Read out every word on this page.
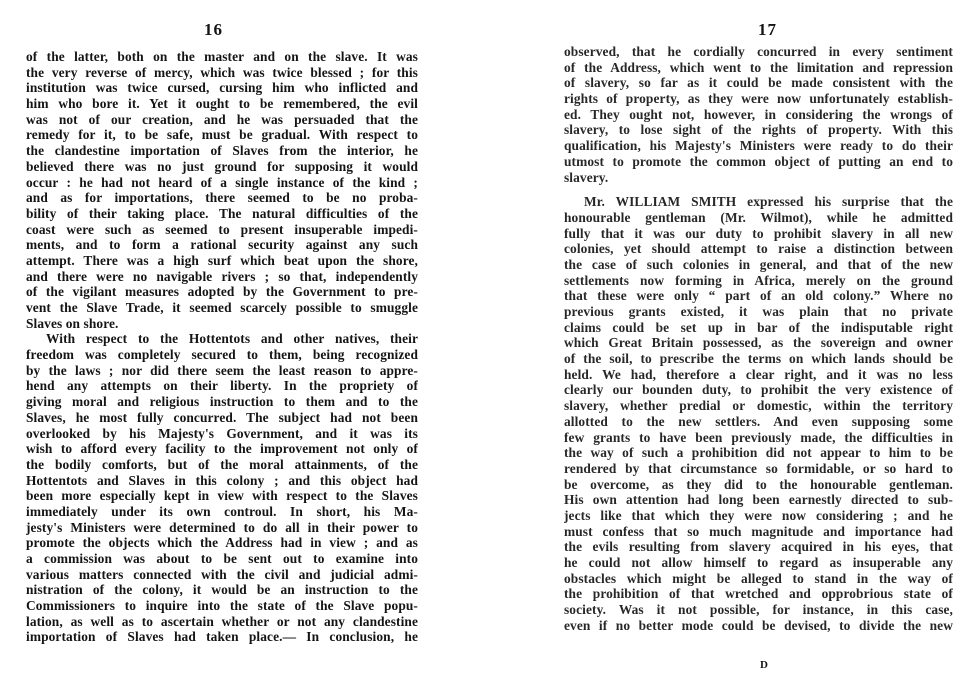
16
of the latter, both on the master and on the slave. It was
the very reverse of mercy, which was twice blessed ; for this
institution was twice cursed, cursing him who inflicted and
him who bore it. Yet it ought to be remembered, the evil
was not of our creation, and he was persuaded that the
remedy for it, to be safe, must be gradual. With respect to
the clandestine importation of Slaves from the interior, he
believed there was no just ground for supposing it would
occur : he had not heard of a single instance of the kind ;
and as for importations, there seemed to be no proba-
bility of their taking place. The natural difficulties of the
coast were such as seemed to present insuperable impedi-
ments, and to form a rational security against any such
attempt. There was a high surf which beat upon the shore,
and there were no navigable rivers ; so that, independently
of the vigilant measures adopted by the Government to pre-
vent the Slave Trade, it seemed scarcely possible to smuggle
Slaves on shore.
With respect to the Hottentots and other natives, their
freedom was completely secured to them, being recognized
by the laws ; nor did there seem the least reason to appre-
hend any attempts on their liberty. In the propriety of
giving moral and religious instruction to them and to the
Slaves, he most fully concurred. The subject had not been
overlooked by his Majesty's Government, and it was its
wish to afford every facility to the improvement not only of
the bodily comforts, but of the moral attainments, of the
Hottentots and Slaves in this colony ; and this object had
been more especially kept in view with respect to the Slaves
immediately under its own controul. In short, his Ma-
jesty's Ministers were determined to do all in their power to
promote the objects which the Address had in view ; and as
a commission was about to be sent out to examine into
various matters connected with the civil and judicial admi-
nistration of the colony, it would be an instruction to the
Commissioners to inquire into the state of the Slave popu-
lation, as well as to ascertain whether or not any clandestine
importation of Slaves had taken place.— In conclusion, he
17
observed, that he cordially concurred in every sentiment
of the Address, which went to the limitation and repression
of slavery, so far as it could be made consistent with the
rights of property, as they were now unfortunately establish-
ed. They ought not, however, in considering the wrongs of
slavery, to lose sight of the rights of property. With this
qualification, his Majesty's Ministers were ready to do their
utmost to promote the common object of putting an end to
slavery.
Mr. WILLIAM SMITH expressed his surprise that the
honourable gentleman (Mr. Wilmot), while he admitted
fully that it was our duty to prohibit slavery in all new
colonies, yet should attempt to raise a distinction between
the case of such colonies in general, and that of the new
settlements now forming in Africa, merely on the ground
that these were only “ part of an old colony.” Where no
previous grants existed, it was plain that no private
claims could be set up in bar of the indisputable right
which Great Britain possessed, as the sovereign and owner
of the soil, to prescribe the terms on which lands should be
held. We had, therefore a clear right, and it was no less
clearly our bounden duty, to prohibit the very existence of
slavery, whether predial or domestic, within the territory
allotted to the new settlers. And even supposing some
few grants to have been previously made, the difficulties in
the way of such a prohibition did not appear to him to be
rendered by that circumstance so formidable, or so hard to
be overcome, as they did to the honourable gentleman.
His own attention had long been earnestly directed to sub-
jects like that which they were now considering ; and he
must confess that so much magnitude and importance had
the evils resulting from slavery acquired in his eyes, that
he could not allow himself to regard as insuperable any
obstacles which might be alleged to stand in the way of
the prohibition of that wretched and opprobrious state of
society. Was it not possible, for instance, in this case,
even if no better mode could be devised, to divide the new
D
